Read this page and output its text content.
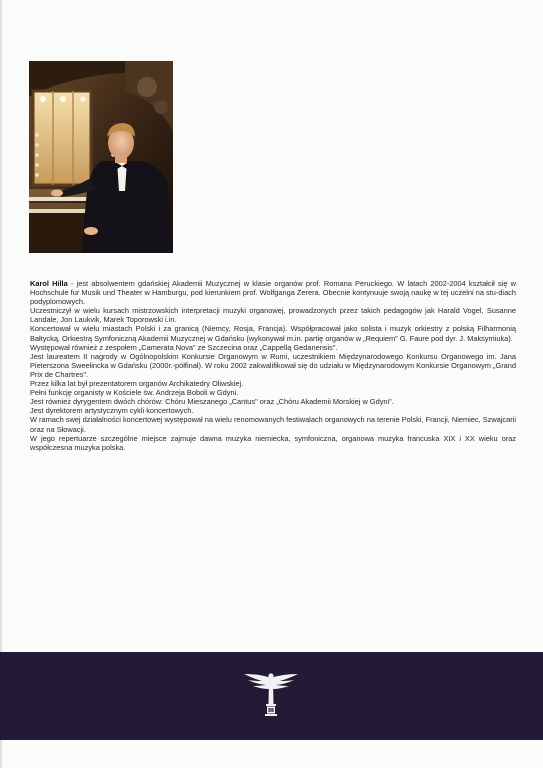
Karol Hilla - jest absolwentem gdańskiej Akademii Muzycznej w klasie organów prof. Romana Peruckiego. W latach 2002-2004 kształcił się w Hochschule fur Musik und Theater w Hamburgu, pod kierunkiem prof. Wolfganga Zerera. Obecnie kontynuuje swoją naukę w tej uczelni na stu-diach podyplomowych.

Uczestniczył w wielu kursach mistrzowskich interpretacji muzyki organowej, prowadzonych przez takich pedagogów jak Harald Vogel, Susanne Landale, Jon Laukvik, Marek Toporowski i.in.

Koncertował w wielu miastach Polski i za granicą (Niemcy, Rosja, Francja). Współpracował jako solista i muzyk orkiestry z polską Filharmonią Bałtycką, Orkiestrą Symfoniczną Akademii Muzycznej w Gdańsku (wykonywał m.in. partię organów w „Requiem" G. Faure pod dyr. J. Maksymiuka).

Występował również z zespołem „Camerata Nova" ze Szczecina oraz „Cappellą Gedanensis".

Jest laureatem II nagrody w Ogólnopolskim Konkursie Organowym w Rumi, uczestnikiem Międzynarodowego Konkursu Organowego im. Jana Pieterszona Sweelincka w Gdańsku (2000r.-półfinał). W roku 2002 zakwalifikował się do udziału w Międzynarodowym Konkursie Organowym „Grand Prix de Chartres".

Przez kilka lat był prezentatorem organów Archikatedry Oliwskiej.

Pełni funkcję organisty w Kościele św. Andrzeja Boboli w Gdyni.

Jest również dyrygentem dwóch chórów: Chóru Mieszanego „Cantus" oraz „Chóru Akademii Morskiej w Gdyni".

Jest dyrektorem artystycznym cykli koncertowych.

W ramach swej działalności koncertowej występował na wielu renomowanych festiwalach organowych na terenie Polski, Francji, Niemiec, Szwajcarii oraz na Słowacji.

W jego repertuarze szczególne miejsce zajmuje dawna muzyka niemiecka, symfoniczna, organowa muzyka francuska XIX i XX wieku oraz współczesna muzyka polska.
